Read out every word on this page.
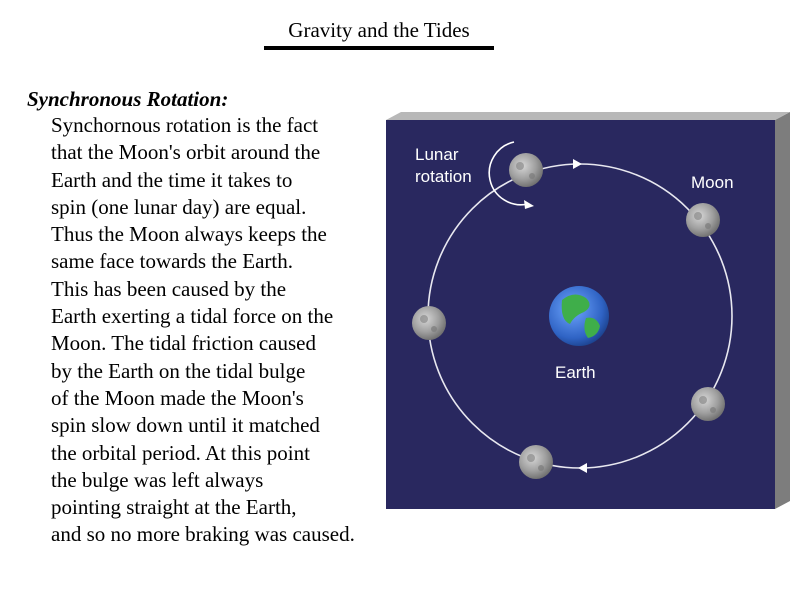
Gravity and the Tides
Synchronous Rotation:
Synchornous rotation is the fact
that the Moon's orbit around the
Earth and the time it takes to
spin (one lunar day) are equal.
Thus the Moon always keeps the
same face towards the Earth.
This has been caused by the
Earth exerting a tidal force on the
Moon. The tidal friction caused
by the Earth on the tidal bulge
of the Moon made the Moon's
spin slow down until it matched
the orbital period. At this point
the bulge was left always
pointing straight at the Earth,
and so no more braking was caused.
Lunar
rotation	Moon
Earth
